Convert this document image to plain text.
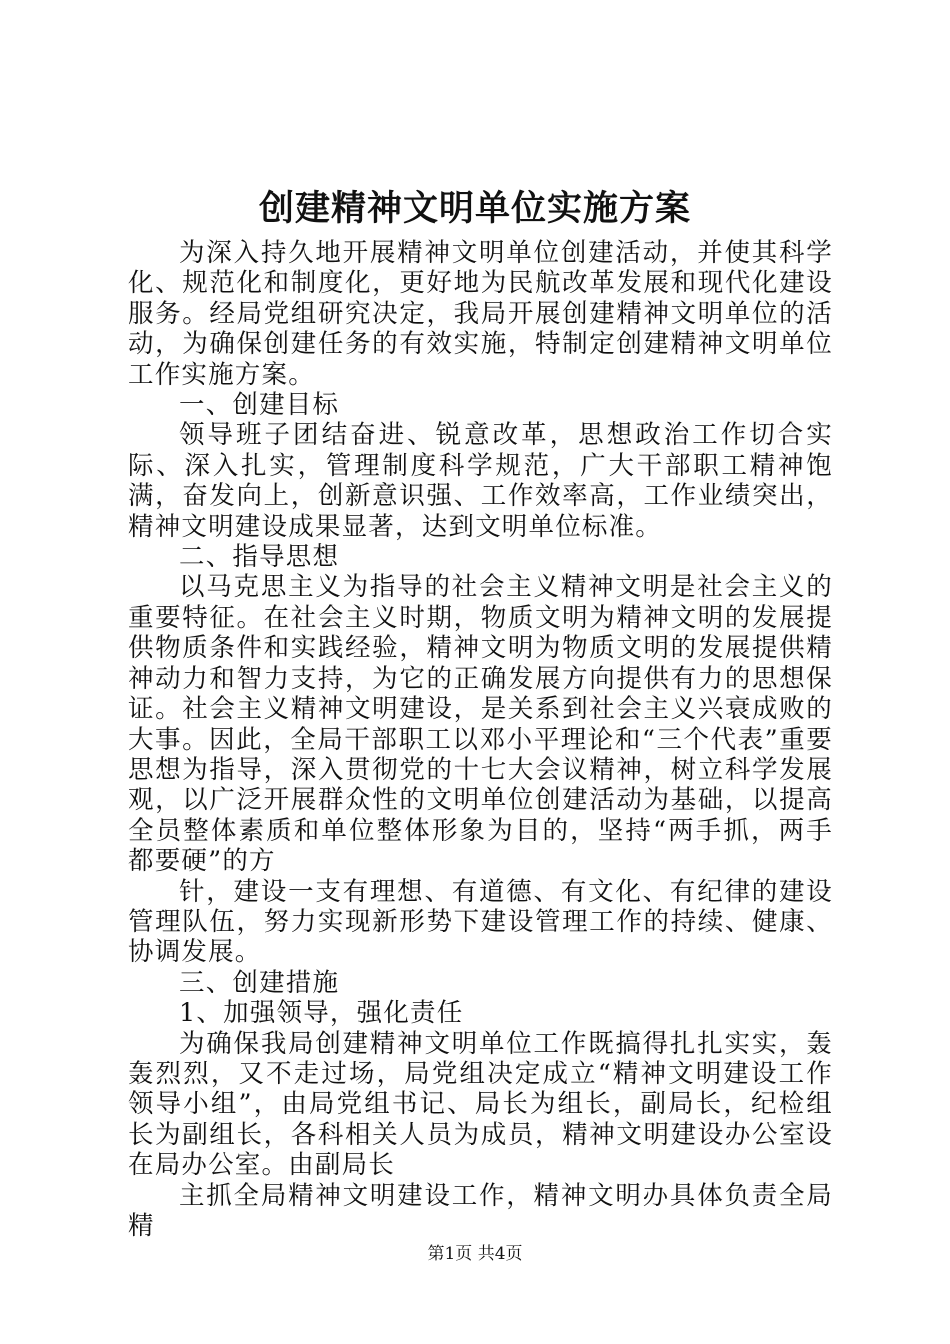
创建精神文明单位实施方案

为深入持久地开展精神文明单位创建活动，并使其科学化、规范化和制度化，更好地为民航改革发展和现代化建设服务。经局党组研究决定，我局开展创建精神文明单位的活动，为确保创建任务的有效实施，特制定创建精神文明单位工作实施方案。

一、创建目标

领导班子团结奋进、锐意改革，思想政治工作切合实际、深入扎实，管理制度科学规范，广大干部职工精神饱满，奋发向上，创新意识强、工作效率高，工作业绩突出，精神文明建设成果显著，达到文明单位标准。

二、指导思想

以马克思主义为指导的社会主义精神文明是社会主义的重要特征。在社会主义时期，物质文明为精神文明的发展提供物质条件和实践经验，精神文明为物质文明的发展提供精神动力和智力支持，为它的正确发展方向提供有力的思想保证。社会主义精神文明建设，是关系到社会主义兴衰成败的大事。因此，全局干部职工以邓小平理论和“三个代表”重要思想为指导，深入贯彻党的十七大会议精神，树立科学发展观，以广泛开展群众性的文明单位创建活动为基础，以提高全员整体素质和单位整体形象为目的，坚持“两手抓，两手都要硬”的方

针，建设一支有理想、有道德、有文化、有纪律的建设管理队伍，努力实现新形势下建设管理工作的持续、健康、协调发展。

三、创建措施

1、加强领导，强化责任

为确保我局创建精神文明单位工作既搞得扎扎实实，轰轰烈烈，又不走过场，局党组决定成立“精神文明建设工作领导小组”，由局党组书记、局长为组长，副局长，纪检组长为副组长，各科相关人员为成员，精神文明建设办公室设在局办公室。由副局长

主抓全局精神文明建设工作，精神文明办具体负责全局精

第1页 共4页
